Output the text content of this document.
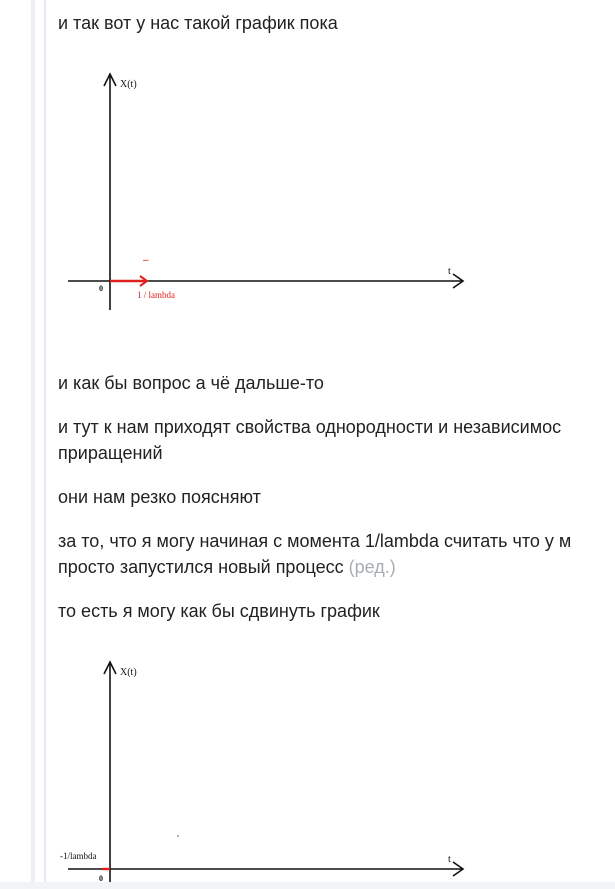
и так вот у нас такой график пока
X(t)
t
0
1 / lambda
–
и как бы вопрос а чё дальше-то
и тут к нам приходят свойства однородности и независимос
приращений
они нам резко поясняют
за то, что я могу начиная с момента 1/lambda считать что у м
просто запустился новый процесс (ред.)
то есть я могу как бы сдвинуть график
X(t)
t
-1/lambda
0
